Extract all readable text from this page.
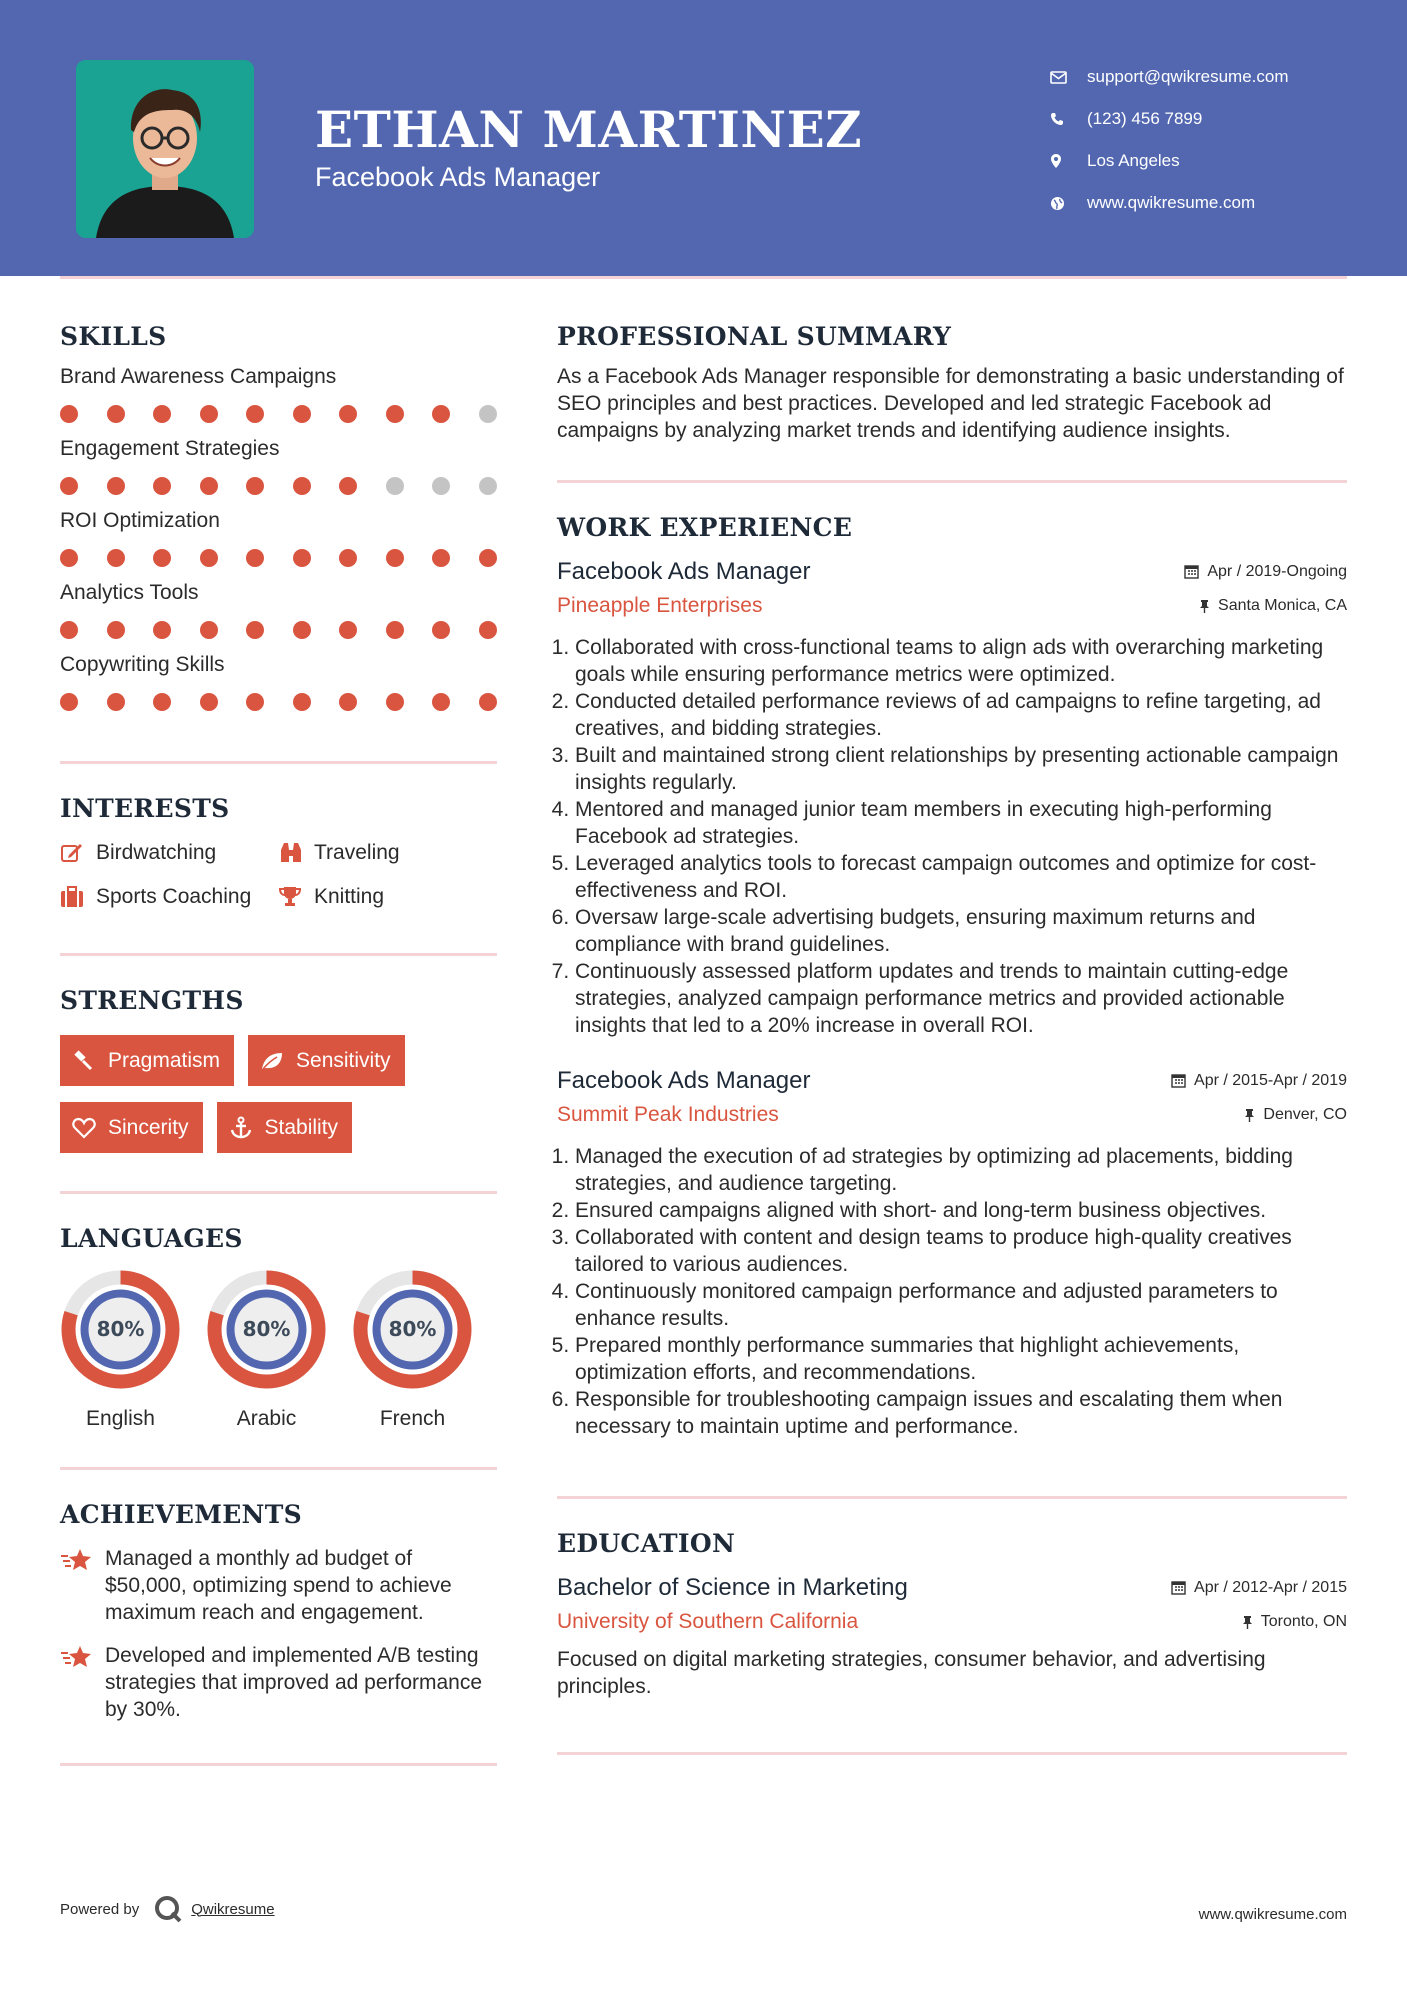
ETHAN MARTINEZ
Facebook Ads Manager
support@qwikresume.com
(123) 456 7899
Los Angeles
www.qwikresume.com
SKILLS
Brand Awareness Campaigns
Engagement Strategies
ROI Optimization
Analytics Tools
Copywriting Skills
INTERESTS
Birdwatching	Traveling
Sports Coaching	Knitting
STRENGTHS
Pragmatism	Sensitivity
Sincerity	Stability
LANGUAGES
80%
English
80%
Arabic
80%
French
ACHIEVEMENTS
Managed a monthly ad budget of $50,000, optimizing spend to achieve maximum reach and engagement.
Developed and implemented A/B testing strategies that improved ad performance by 30%.
PROFESSIONAL SUMMARY

As a Facebook Ads Manager responsible for demonstrating a basic understanding of SEO principles and best practices. Developed and led strategic Facebook ad campaigns by analyzing market trends and identifying audience insights.

WORK EXPERIENCE
Facebook Ads Manager	Apr / 2019-Ongoing
Pineapple Enterprises	Santa Monica, CA
1. Collaborated with cross-functional teams to align ads with overarching marketing goals while ensuring performance metrics were optimized.
2. Conducted detailed performance reviews of ad campaigns to refine targeting, ad creatives, and bidding strategies.
3. Built and maintained strong client relationships by presenting actionable campaign insights regularly.
4. Mentored and managed junior team members in executing high-performing Facebook ad strategies.
5. Leveraged analytics tools to forecast campaign outcomes and optimize for cost-effectiveness and ROI.
6. Oversaw large-scale advertising budgets, ensuring maximum returns and compliance with brand guidelines.
7. Continuously assessed platform updates and trends to maintain cutting-edge strategies, analyzed campaign performance metrics and provided actionable insights that led to a 20% increase in overall ROI.
Facebook Ads Manager	Apr / 2015-Apr / 2019
Summit Peak Industries	Denver, CO
1. Managed the execution of ad strategies by optimizing ad placements, bidding strategies, and audience targeting.
2. Ensured campaigns aligned with short- and long-term business objectives.
3. Collaborated with content and design teams to produce high-quality creatives tailored to various audiences.
4. Continuously monitored campaign performance and adjusted parameters to enhance results.
5. Prepared monthly performance summaries that highlight achievements, optimization efforts, and recommendations.
6. Responsible for troubleshooting campaign issues and escalating them when necessary to maintain uptime and performance.
EDUCATION
Bachelor of Science in Marketing	Apr / 2012-Apr / 2015
University of Southern California	Toronto, ON

Focused on digital marketing strategies, consumer behavior, and advertising principles.

Powered by	Qwikresume	www.qwikresume.com
